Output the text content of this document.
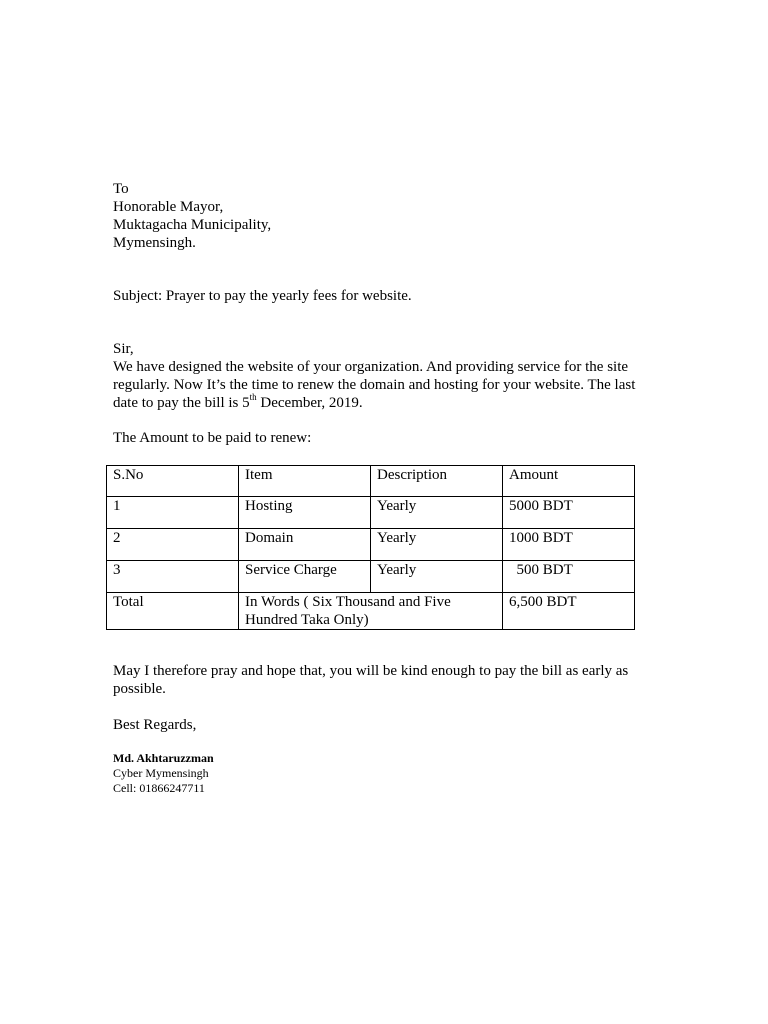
To
Honorable Mayor,
Muktagacha Municipality,
Mymensingh.
Subject: Prayer to pay the yearly fees for website.
Sir,
We have designed the website of your organization. And providing service for the site
regularly. Now It’s the time to renew the domain and hosting for your website. The last
date to pay the bill is 5th December, 2019.
The Amount to be paid to renew:
S.No	Item	Description	Amount
1	Hosting	Yearly	5000 BDT
2	Domain	Yearly	1000 BDT
3	Service Charge	Yearly	500 BDT
Total	In Words ( Six Thousand and Five
Hundred Taka Only)		6,500 BDT
May I therefore pray and hope that, you will be kind enough to pay the bill as early as
possible.
Best Regards,
Md. Akhtaruzzman
Cyber Mymensingh
Cell: 01866247711
